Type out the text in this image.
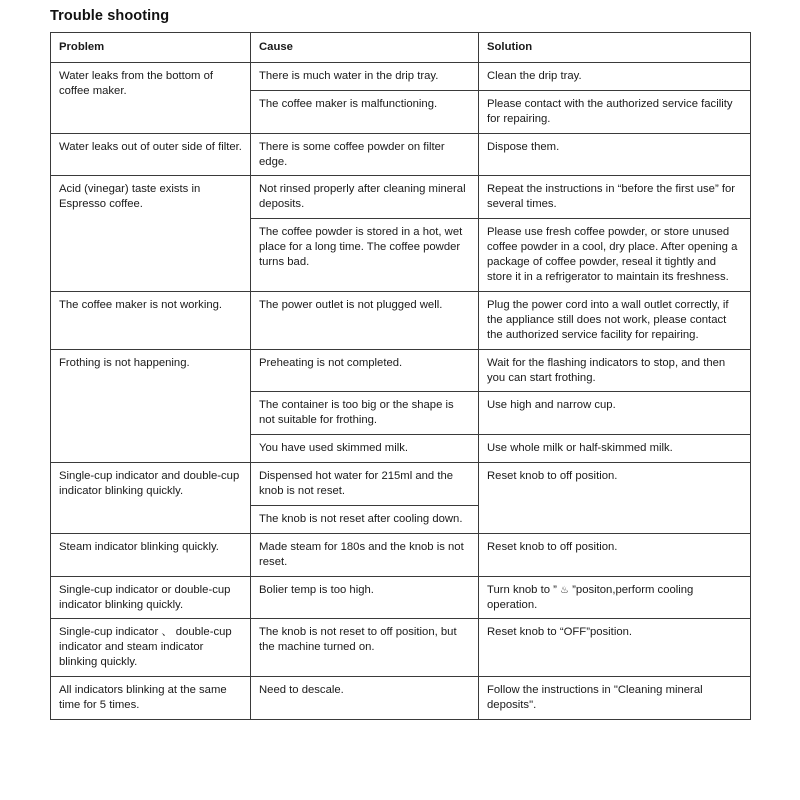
Trouble shooting
Problem	Cause	Solution
Water leaks from the bottom of coffee maker.	There is much water in the drip tray.	Clean the drip tray.
	The coffee maker is malfunctioning.	Please contact with the authorized service facility for repairing.
Water leaks out of outer side of filter.	There is some coffee powder on filter edge.	Dispose them.
Acid (vinegar) taste exists in Espresso coffee.	Not rinsed properly after cleaning mineral deposits.	Repeat the instructions in “before the first use” for several times.
	The coffee powder is stored in a hot, wet place for a long time. The coffee powder turns bad.	Please use fresh coffee powder, or store unused coffee powder in a cool, dry place. After opening a package of coffee powder, reseal it tightly and store it in a refrigerator to maintain its freshness.
The coffee maker is not working.	The power outlet is not plugged well.	Plug the power cord into a wall outlet correctly, if the appliance still does not work, please contact the authorized service facility for repairing.
Frothing is not happening.	Preheating is not completed.	Wait for the flashing indicators to stop, and then you can start frothing.
	The container is too big or the shape is not suitable for frothing.	Use high and narrow cup.
	You have used skimmed milk.	Use whole milk or half-skimmed milk.
Single-cup indicator and double-cup indicator blinking quickly.	Dispensed hot water for 215ml and the knob is not reset.	Reset knob to off position.
	The knob is not reset after cooling down.	
Steam indicator blinking quickly.	Made steam for 180s and the knob is not reset.	Reset knob to off position.
Single-cup indicator or double-cup indicator blinking quickly.	Bolier temp is too high.	Turn knob to ” ♨ ”positon,perform cooling operation.
Single-cup indicator 、 double-cup indicator and steam indicator blinking quickly.	The knob is not reset to off position, but the machine turned on.	Reset knob to “OFF”position.
All indicators blinking at the same time for 5 times.	Need to descale.	Follow the instructions in "Cleaning mineral deposits".
